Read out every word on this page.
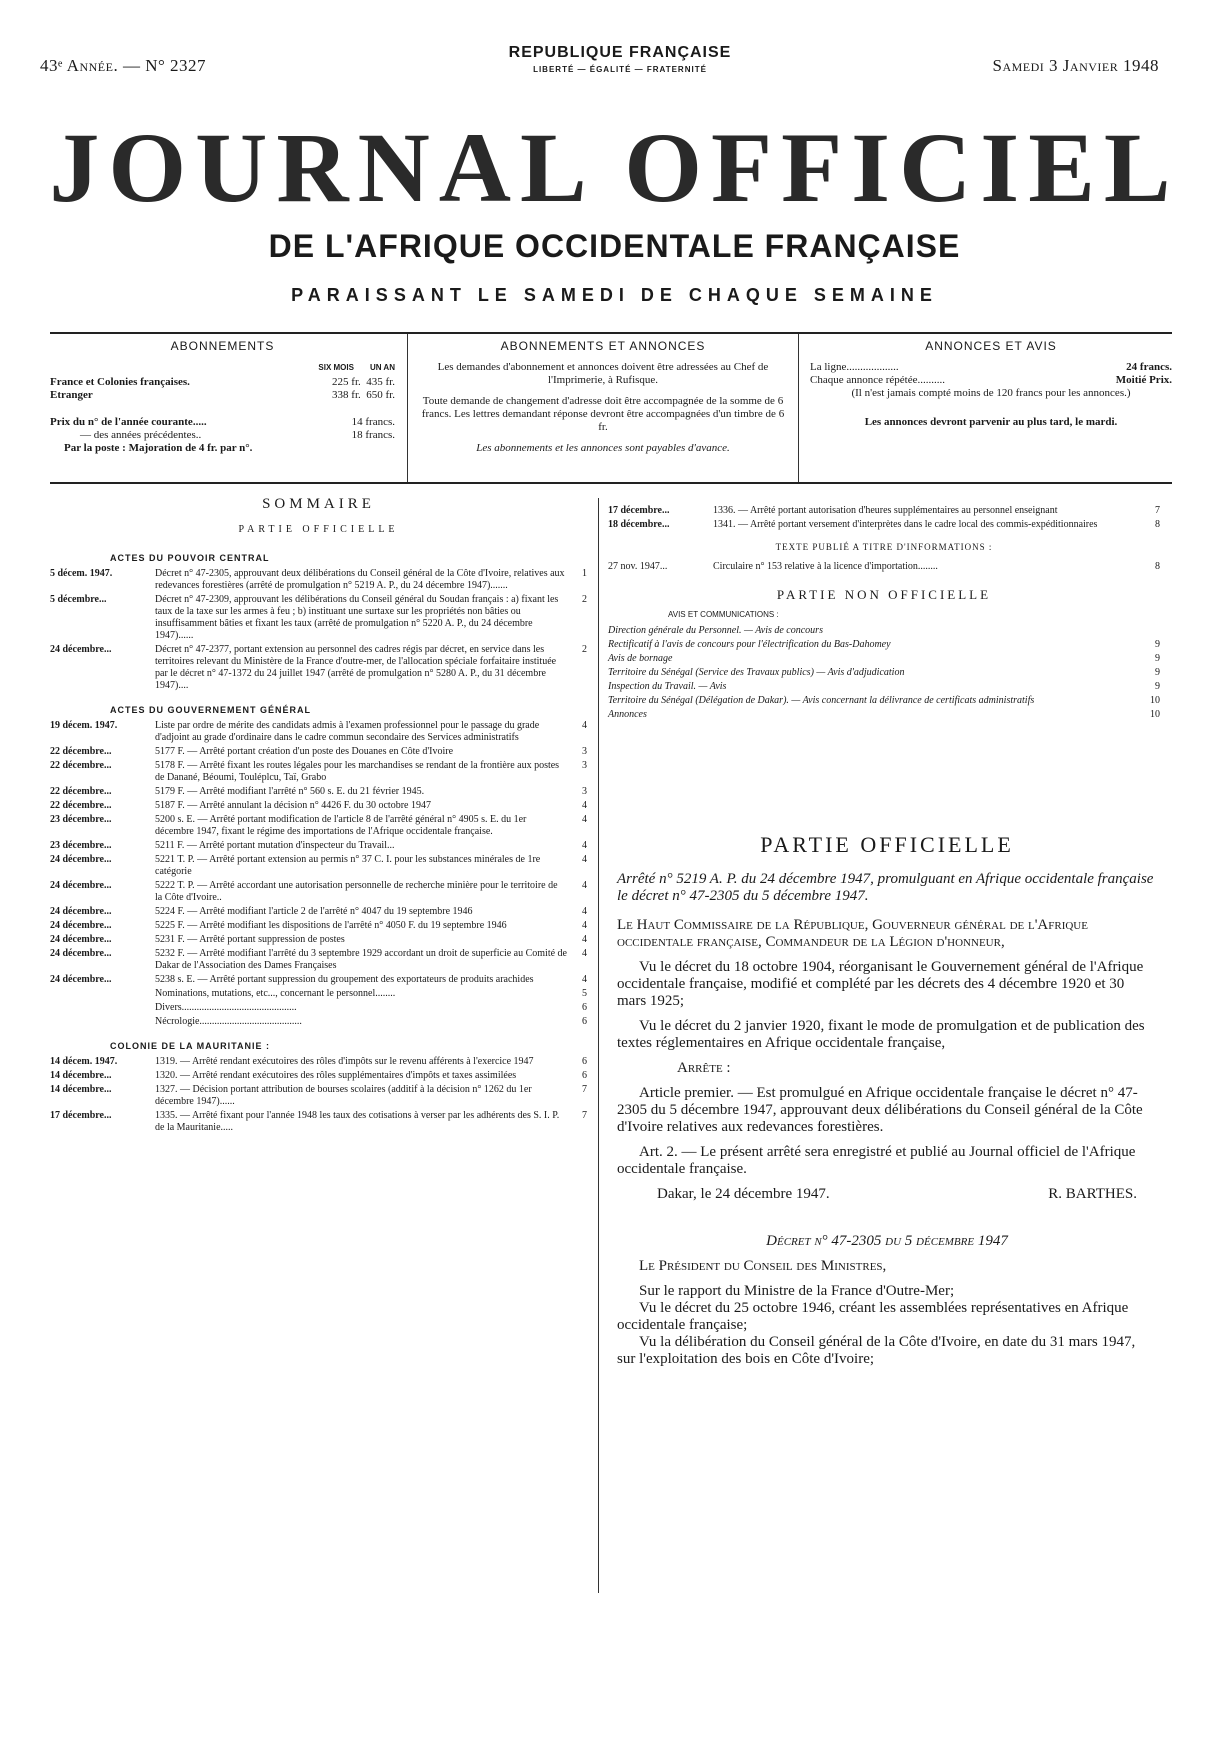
43ᵉ Année. — N° 2327
REPUBLIQUE FRANÇAISE
LIBERTÉ — ÉGALITÉ — FRATERNITÉ	Samedi 3 Janvier 1948
JOURNAL OFFICIEL
DE L'AFRIQUE OCCIDENTALE FRANÇAISE
PARAISSANT LE SAMEDI DE CHAQUE SEMAINE
ABONNEMENTS
SIX MOIS UN AN
France et Colonies françaises.	225 fr. 435 fr.
Etranger	338 fr. 650 fr.
Prix du n° de l'année courante.....	14 francs.
— des années précédentes..	18 francs.
Par la poste : Majoration de 4 fr. par n°.
ABONNEMENTS ET ANNONCES
Les demandes d'abonnement et annonces doivent être adressées au Chef de l'Imprimerie, à Rufisque.
Toute demande de changement d'adresse doit être accompagnée de la somme de 6 francs. Les lettres demandant réponse devront être accompagnées d'un timbre de 6 fr.
Les abonnements et les annonces sont payables d'avance.
ANNONCES ET AVIS
La ligne...................	24 francs.
Chaque annonce répétée..........	Moitié Prix.
(Il n'est jamais compté moins de 120 francs pour les annonces.)
Les annonces devront parvenir au plus tard, le mardi.
SOMMAIRE
PARTIE OFFICIELLE
ACTES DU POUVOIR CENTRAL
5 décem. 1947.	Décret n° 47-2305, approuvant deux délibérations du Conseil général de la Côte d'Ivoire, relatives aux redevances forestières (arrêté de promulgation n° 5219 A. P., du 24 décembre 1947).......
1
5 décembre...	Décret n° 47-2309, approuvant les délibérations du Conseil général du Soudan français : a) fixant les taux de la taxe sur les armes à feu ; b) instituant une surtaxe sur les propriétés non bâties ou insuffisamment bâties et fixant les taux (arrêté de promulgation n° 5220 A. P., du 24 décembre 1947)......
2
24 décembre...	Décret n° 47-2377, portant extension au personnel des cadres régis par décret, en service dans les territoires relevant du Ministère de la France d'outre-mer, de l'allocation spéciale forfaitaire instituée par le décret n° 47-1372 du 24 juillet 1947 (arrêté de promulgation n° 5280 A. P., du 31 décembre 1947)....
2
ACTES DU GOUVERNEMENT GÉNÉRAL
19 décem. 1947.	Liste par ordre de mérite des candidats admis à l'examen professionnel pour le passage du grade d'adjoint au grade d'ordinaire dans le cadre commun secondaire des Services administratifs
4
22 décembre...	5177 F. — Arrêté portant création d'un poste des Douanes en Côte d'Ivoire	3
22 décembre...	5178 F. — Arrêté fixant les routes légales pour les marchandises se rendant de la frontière aux postes de Danané, Béoumi, Touléplcu, Taï, Grabo
3
22 décembre...	5179 F. — Arrêté modifiant l'arrêté n° 560 s. E. du 21 février 1945.	3
22 décembre...	5187 F. — Arrêté annulant la décision n° 4426 F. du 30 octobre 1947	4
23 décembre...	5200 s. E. — Arrêté portant modification de l'article 8 de l'arrêté général n° 4905 s. E. du 1er décembre 1947, fixant le régime des importations de l'Afrique occidentale française.
4
23 décembre...	5211 F. — Arrêté portant mutation d'inspecteur du Travail...	4
24 décembre...	5221 T. P. — Arrêté portant extension au permis n° 37 C. I. pour les substances minérales de 1re catégorie
4
24 décembre...	5222 T. P. — Arrêté accordant une autorisation personnelle de recherche minière pour le territoire de la Côte d'Ivoire..
4
24 décembre...	5224 F. — Arrêté modifiant l'article 2 de l'arrêté n° 4047 du 19 septembre 1946	4
24 décembre...	5225 F. — Arrêté modifiant les dispositions de l'arrêté n° 4050 F. du 19 septembre 1946	4
24 décembre...	5231 F. — Arrêté portant suppression de postes	4
24 décembre...	5232 F. — Arrêté modifiant l'arrêté du 3 septembre 1929 accordant un droit de superficie au Comité de Dakar de l'Association des Dames Françaises
4
24 décembre...	5238 s. E. — Arrêté portant suppression du groupement des exportateurs de produits arachides	4
Nominations, mutations, etc..., concernant le personnel........	5
Divers..............................................	6
Nécrologie.........................................	6
COLONIE DE LA MAURITANIE :
14 décem. 1947.	1319. — Arrêté rendant exécutoires des rôles d'impôts sur le revenu afférents à l'exercice 1947	6
14 décembre...	1320. — Arrêté rendant exécutoires des rôles supplémentaires d'impôts et taxes assimilées	6
14 décembre...	1327. — Décision portant attribution de bourses scolaires (additif à la décision n° 1262 du 1er décembre 1947)......
7
17 décembre...	1335. — Arrêté fixant pour l'année 1948 les taux des cotisations à verser par les adhérents des S. I. P. de la Mauritanie.....
7
17 décembre...	1336. — Arrêté portant autorisation d'heures supplémentaires au personnel enseignant	7
18 décembre...	1341. — Arrêté portant versement d'interprètes dans le cadre local des commis-expéditionnaires	8
TEXTE PUBLIÉ A TITRE D'INFORMATIONS :
27 nov. 1947...	Circulaire n° 153 relative à la licence d'importation........	8
PARTIE NON OFFICIELLE
AVIS ET COMMUNICATIONS :
Direction générale du Personnel. — Avis de concours
Rectificatif à l'avis de concours pour l'électrification du Bas-Dahomey	9
Avis de bornage	9
Territoire du Sénégal (Service des Travaux publics) — Avis d'adjudication	9
Inspection du Travail. — Avis	9
Territoire du Sénégal (Délégation de Dakar). — Avis concernant la délivrance de certificats administratifs	10
Annonces	10
PARTIE OFFICIELLE

Arrêté n° 5219 A. P. du 24 décembre 1947, promulguant en Afrique occidentale française le décret n° 47-2305 du 5 décembre 1947.

Le Haut Commissaire de la République, Gouverneur général de l'Afrique occidentale française, Commandeur de la Légion d'honneur,

Vu le décret du 18 octobre 1904, réorganisant le Gouvernement général de l'Afrique occidentale française, modifié et complété par les décrets des 4 décembre 1920 et 30 mars 1925;

Vu le décret du 2 janvier 1920, fixant le mode de promulgation et de publication des textes réglementaires en Afrique occidentale française,

Arrête :

Article premier. — Est promulgué en Afrique occidentale française le décret n° 47-2305 du 5 décembre 1947, approuvant deux délibérations du Conseil général de la Côte d'Ivoire relatives aux redevances forestières.

Art. 2. — Le présent arrêté sera enregistré et publié au Journal officiel de l'Afrique occidentale française.

Dakar, le 24 décembre 1947.	R. BARTHES.

Décret n° 47-2305 du 5 décembre 1947

Le Président du Conseil des Ministres,

Sur le rapport du Ministre de la France d'Outre-Mer;

Vu le décret du 25 octobre 1946, créant les assemblées représentatives en Afrique occidentale française;

Vu la délibération du Conseil général de la Côte d'Ivoire, en date du 31 mars 1947, sur l'exploitation des bois en Côte d'Ivoire;
